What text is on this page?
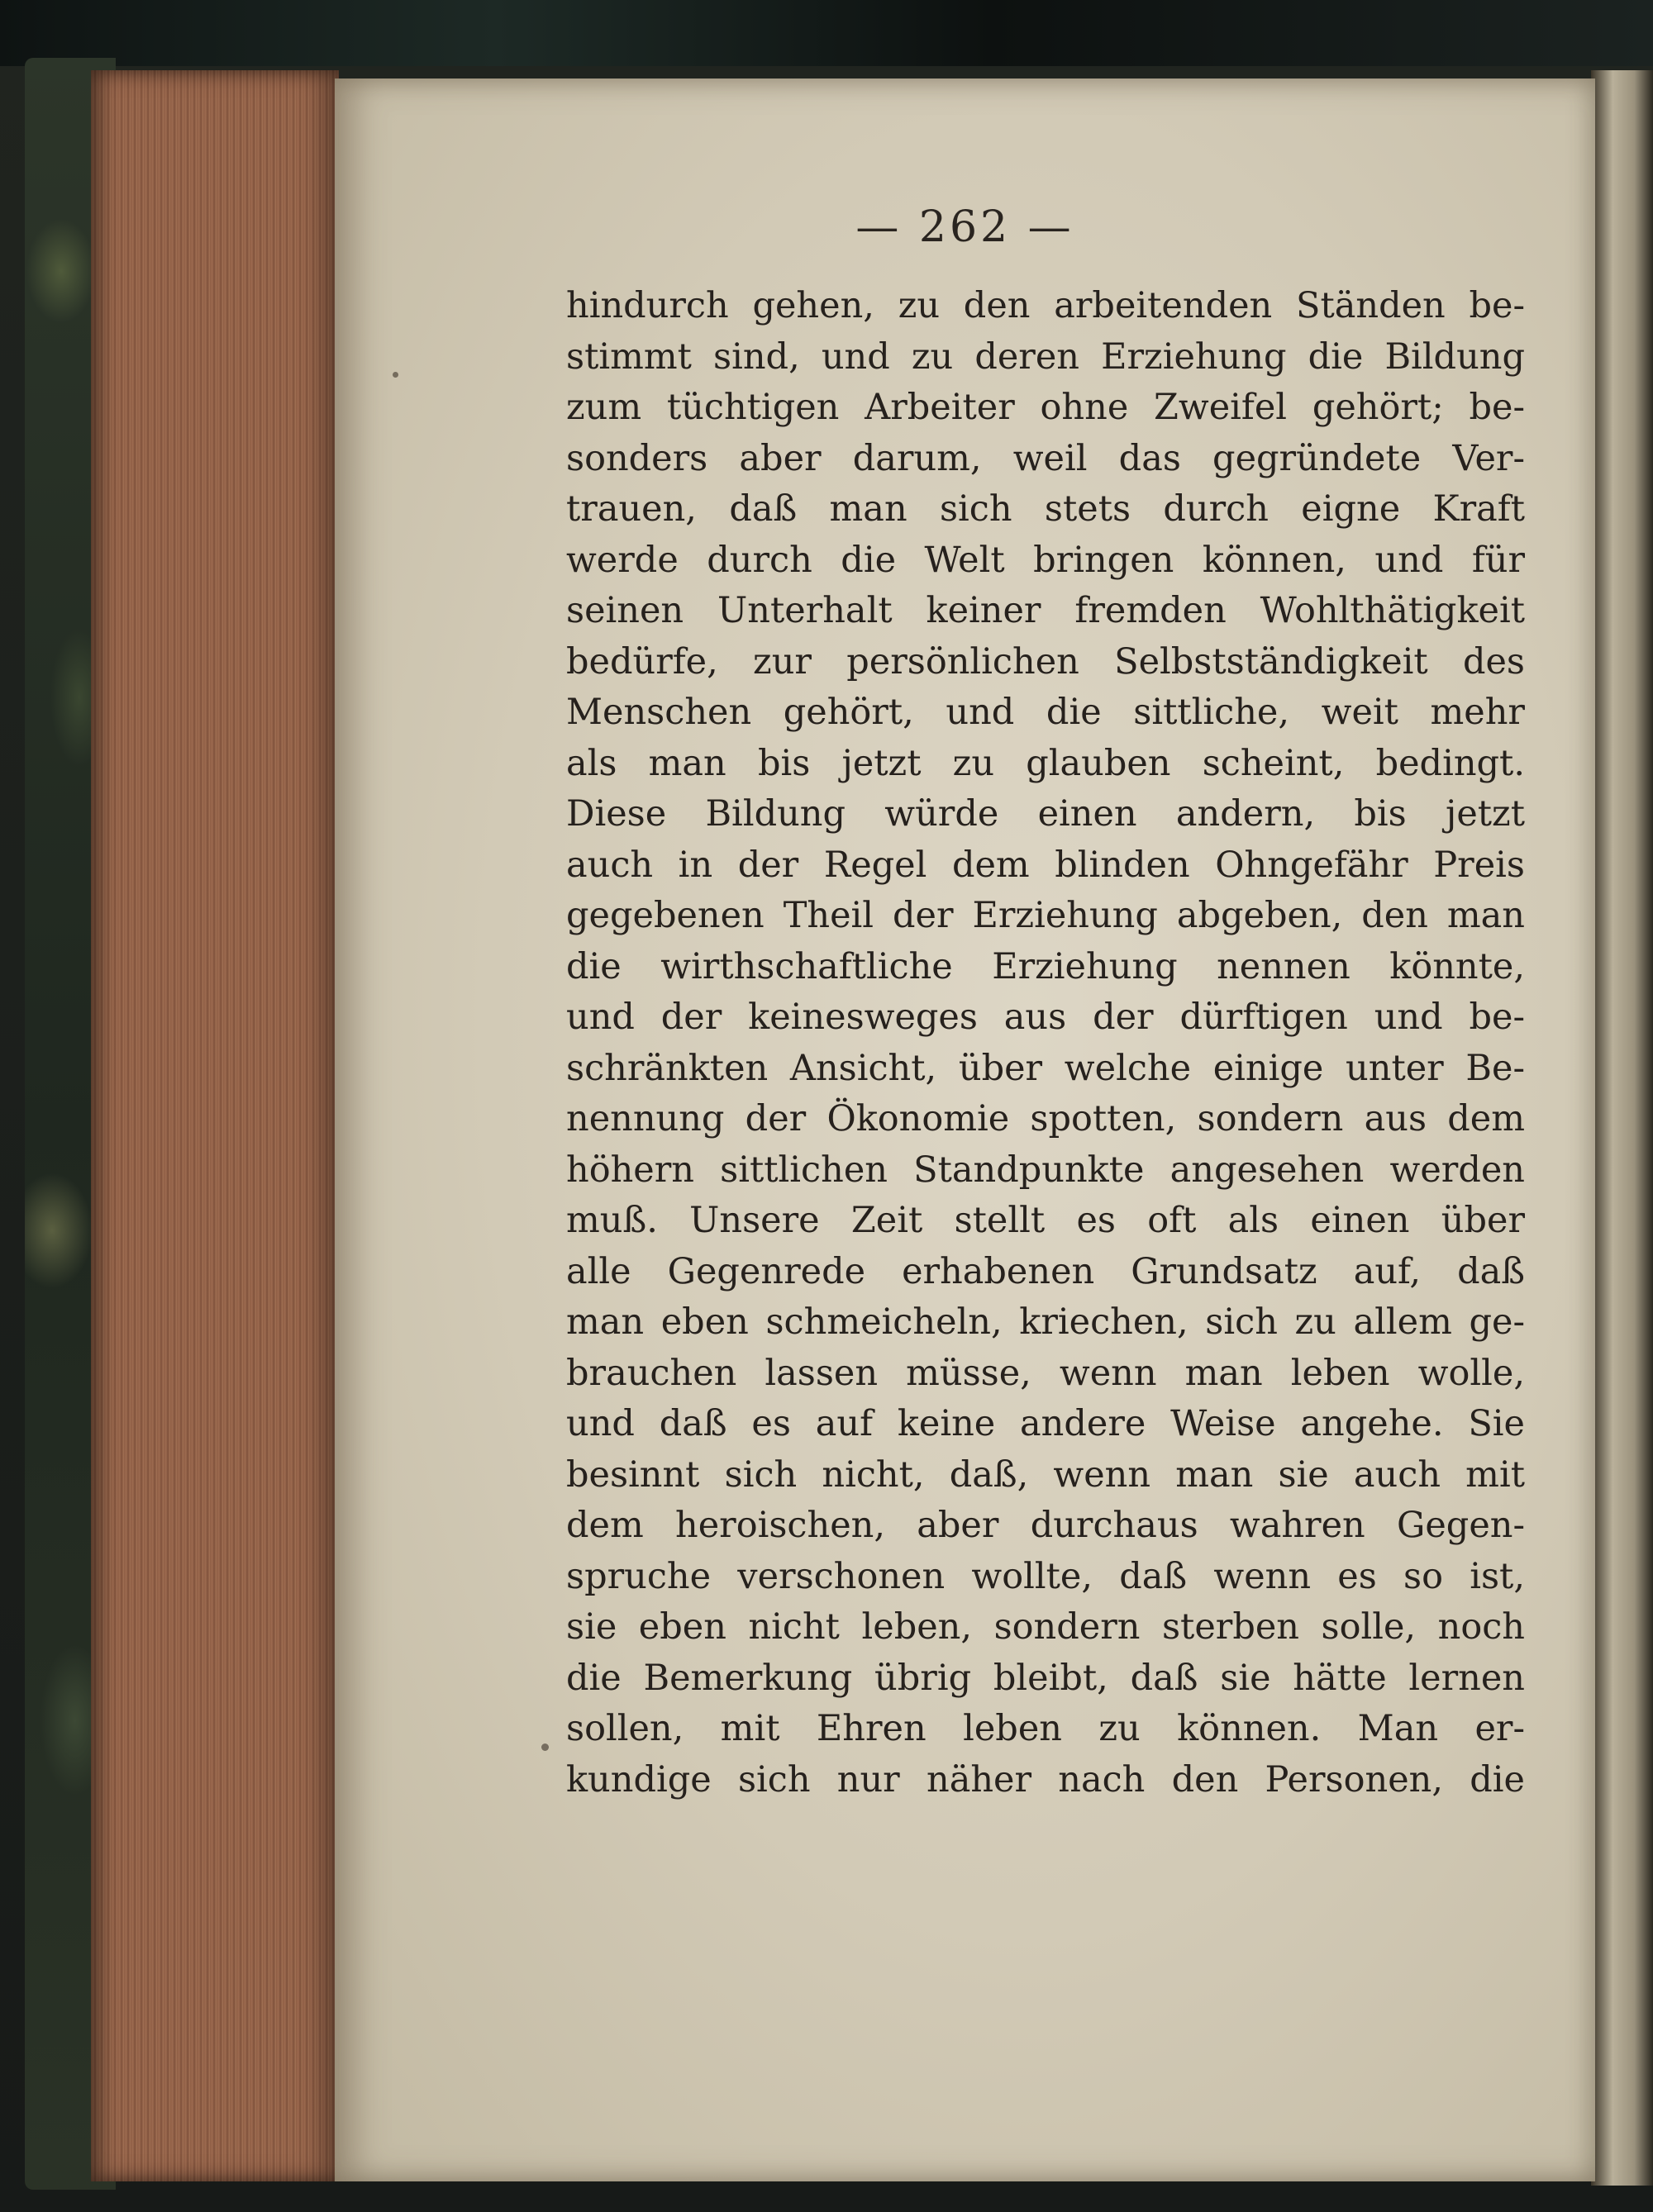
— 262 —
hindurch gehen, zu den arbeitenden Ständen be-
stimmt sind, und zu deren Erziehung die Bildung
zum tüchtigen Arbeiter ohne Zweifel gehört; be-
sonders aber darum, weil das gegründete Ver-
trauen, daß man sich stets durch eigne Kraft
werde durch die Welt bringen können, und für
seinen Unterhalt keiner fremden Wohlthätigkeit
bedürfe, zur persönlichen Selbstständigkeit des
Menschen gehört, und die sittliche, weit mehr
als man bis jetzt zu glauben scheint, bedingt.
Diese Bildung würde einen andern, bis jetzt
auch in der Regel dem blinden Ohngefähr Preis
gegebenen Theil der Erziehung abgeben, den man
die wirthschaftliche Erziehung nennen könnte,
und der keinesweges aus der dürftigen und be-
schränkten Ansicht, über welche einige unter Be-
nennung der Ökonomie spotten, sondern aus dem
höhern sittlichen Standpunkte angesehen werden
muß. Unsere Zeit stellt es oft als einen über
alle Gegenrede erhabenen Grundsatz auf, daß
man eben schmeicheln, kriechen, sich zu allem ge-
brauchen lassen müsse, wenn man leben wolle,
und daß es auf keine andere Weise angehe. Sie
besinnt sich nicht, daß, wenn man sie auch mit
dem heroischen, aber durchaus wahren Gegen-
spruche verschonen wollte, daß wenn es so ist,
sie eben nicht leben, sondern sterben solle, noch
die Bemerkung übrig bleibt, daß sie hätte lernen
sollen, mit Ehren leben zu können. Man er-
kundige sich nur näher nach den Personen, die
